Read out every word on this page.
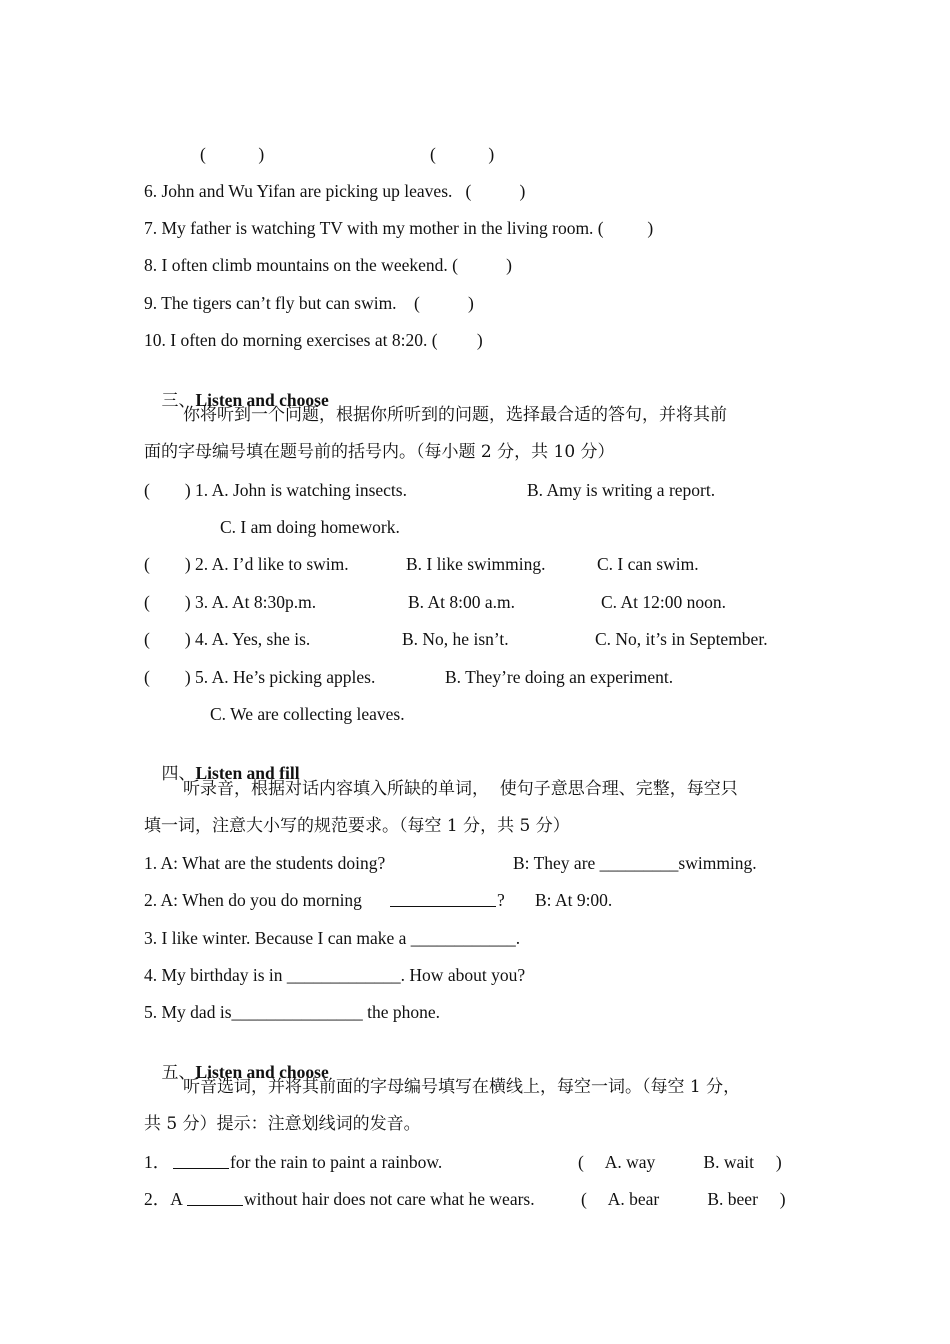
(            )	(            )
6. John and Wu Yifan are picking up leaves.   (           )
7. My father is watching TV with my mother in the living room. (          )
8. I often climb mountains on the weekend. (           )
9. The tigers can’t fly but can swim.    (           )
10. I often do morning exercises at 8:20. (         )

三、Listen and choose

你将听到一个问题，根据你所听到的问题，选择最合适的答句，并将其前
面的字母编号填在题号前的括号内。（每小题 2 分，共 10 分）
(        ) 1. A. John is watching insects.	B. Amy is writing a report.
C. I am doing homework.
(        ) 2. A. I’d like to swim.	B. I like swimming.	C. I can swim.
(        ) 3. A. At 8:30p.m.	B. At 8:00 a.m.	C. At 12:00 noon.
(        ) 4. A. Yes, she is.	B. No, he isn’t.	C. No, it’s in September.
(        ) 5. A. He’s picking apples.	B. They’re doing an experiment.
C. We are collecting leaves.

四、Listen and fill

听录音，根据对话内容填入所缺的单词，  使句子意思合理、完整，每空只
填一词，注意大小写的规范要求。（每空 1 分，共 5 分）
1. A: What are the students doing?	B: They are _________swimming.
2. A: When do you do morning	? B: At 9:00.
3. I like winter. Because I can make a ____________.
4. My birthday is in _____________. How about you?
5. My dad is_______________ the phone.

五、Listen and choose

听音选词，并将其前面的字母编号填写在横线上，每空一词。（每空 1 分，
共 5 分）提示：注意划线词的发音。
1．	for the rain to paint a rainbow.	(     A. way           B. wait     )
2．A	without hair does not care what he wears.	(     A. bear           B. beer     )
